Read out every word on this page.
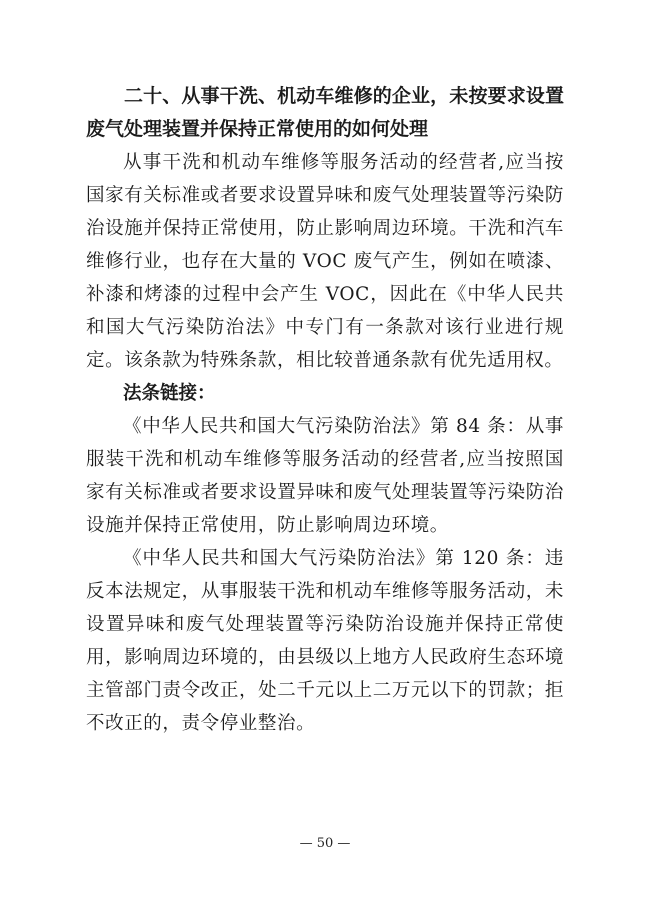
二十、从事干洗、机动车维修的企业，未按要求设置废气处理装置并保持正常使用的如何处理

从事干洗和机动车维修等服务活动的经营者,应当按国家有关标准或者要求设置异味和废气处理装置等污染防治设施并保持正常使用，防止影响周边环境。干洗和汽车维修行业，也存在大量的 VOC 废气产生，例如在喷漆、补漆和烤漆的过程中会产生 VOC，因此在《中华人民共和国大气污染防治法》中专门有一条款对该行业进行规定。该条款为特殊条款，相比较普通条款有优先适用权。

法条链接：

《中华人民共和国大气污染防治法》第 84 条：从事服装干洗和机动车维修等服务活动的经营者,应当按照国家有关标准或者要求设置异味和废气处理装置等污染防治设施并保持正常使用，防止影响周边环境。

《中华人民共和国大气污染防治法》第 120 条：违反本法规定，从事服装干洗和机动车维修等服务活动，未设置异味和废气处理装置等污染防治设施并保持正常使用，影响周边环境的，由县级以上地方人民政府生态环境主管部门责令改正，处二千元以上二万元以下的罚款；拒不改正的，责令停业整治。

— 50 —
